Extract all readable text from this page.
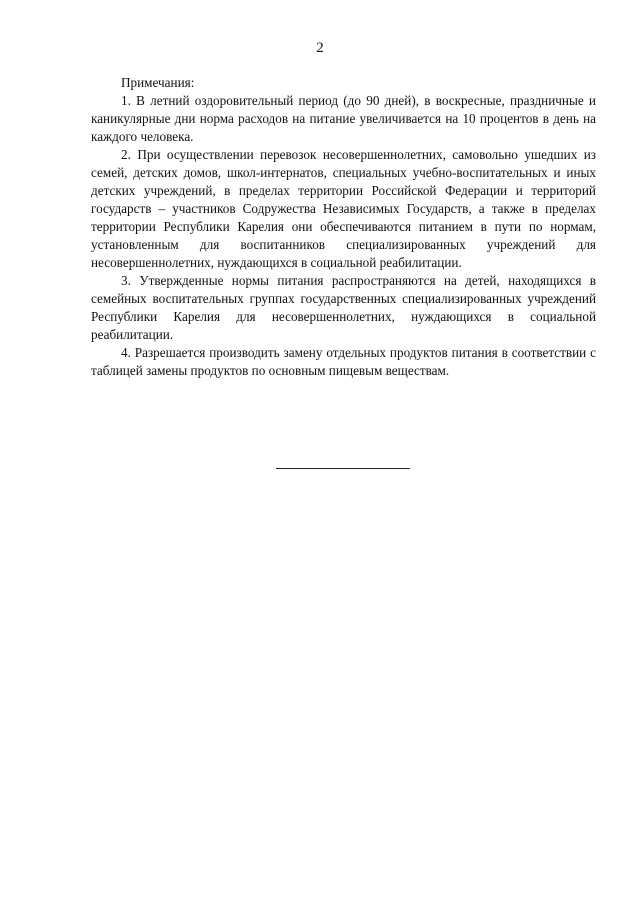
2

Примечания:

1. В летний оздоровительный период (до 90 дней), в воскресные, праздничные и каникулярные дни норма расходов на питание увеличивается на 10 процентов в день на каждого человека.

2. При осуществлении перевозок несовершеннолетних, самовольно ушедших из семей, детских домов, школ-интернатов, специальных учебно-воспитательных и иных детских учреждений, в пределах территории Российской Федерации и территорий государств – участников Содружества Независимых Государств, а также в пределах территории Республики Карелия они обеспечиваются питанием в пути по нормам, установленным для воспитанников специализированных учреждений для несовершеннолетних, нуждающихся в социальной реабилитации.

3. Утвержденные нормы питания распространяются на детей, находящихся в семейных воспитательных группах государственных специализированных учреждений Республики Карелия для несовершеннолетних, нуждающихся в социальной реабилитации.

4. Разрешается производить замену отдельных продуктов питания в соответствии с таблицей замены продуктов по основным пищевым веществам.
